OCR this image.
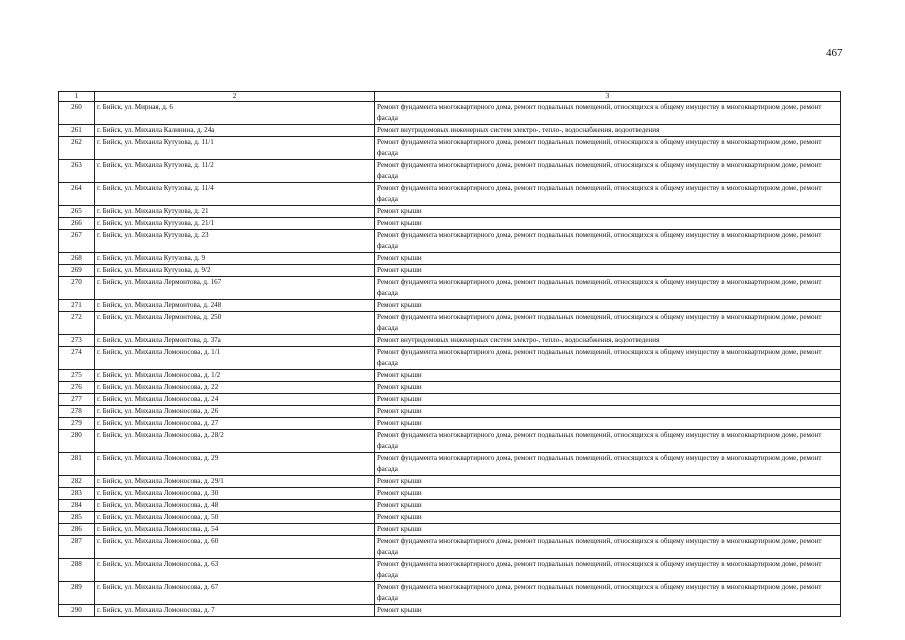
467
1	2	3
260	г. Бийск, ул. Мирная, д. 6	Ремонт фундамента многоквартирного дома, ремонт подвальных помещений, относящихся к общему имуществу в многоквартирном доме, ремонт фасада
261	г. Бийск, ул. Михаила Калинина, д. 24а	Ремонт внутридомовых инженерных систем электро-, тепло-, водоснабжения, водоотведения
262	г. Бийск, ул. Михаила Кутузова, д. 11/1	Ремонт фундамента многоквартирного дома, ремонт подвальных помещений, относящихся к общему имуществу в многоквартирном доме, ремонт фасада
263	г. Бийск, ул. Михаила Кутузова, д. 11/2	Ремонт фундамента многоквартирного дома, ремонт подвальных помещений, относящихся к общему имуществу в многоквартирном доме, ремонт фасада
264	г. Бийск, ул. Михаила Кутузова, д. 11/4	Ремонт фундамента многоквартирного дома, ремонт подвальных помещений, относящихся к общему имуществу в многоквартирном доме, ремонт фасада
265	г. Бийск, ул. Михаила Кутузова, д. 21	Ремонт крыши
266	г. Бийск, ул. Михаила Кутузова, д. 21/1	Ремонт крыши
267	г. Бийск, ул. Михаила Кутузова, д. 23	Ремонт фундамента многоквартирного дома, ремонт подвальных помещений, относящихся к общему имуществу в многоквартирном доме, ремонт фасада
268	г. Бийск, ул. Михаила Кутузова, д. 9	Ремонт крыши
269	г. Бийск, ул. Михаила Кутузова, д. 9/2	Ремонт крыши
270	г. Бийск, ул. Михаила Лермонтова, д. 167	Ремонт фундамента многоквартирного дома, ремонт подвальных помещений, относящихся к общему имуществу в многоквартирном доме, ремонт фасада
271	г. Бийск, ул. Михаила Лермонтова, д. 248	Ремонт крыши
272	г. Бийск, ул. Михаила Лермонтова, д. 250	Ремонт фундамента многоквартирного дома, ремонт подвальных помещений, относящихся к общему имуществу в многоквартирном доме, ремонт фасада
273	г. Бийск, ул. Михаила Лермонтова, д. 37а	Ремонт внутридомовых инженерных систем электро-, тепло-, водоснабжения, водоотведения
274	г. Бийск, ул. Михаила Ломоносова, д. 1/1	Ремонт фундамента многоквартирного дома, ремонт подвальных помещений, относящихся к общему имуществу в многоквартирном доме, ремонт фасада
275	г. Бийск, ул. Михаила Ломоносова, д. 1/2	Ремонт крыши
276	г. Бийск, ул. Михаила Ломоносова, д. 22	Ремонт крыши
277	г. Бийск, ул. Михаила Ломоносова, д. 24	Ремонт крыши
278	г. Бийск, ул. Михаила Ломоносова, д. 26	Ремонт крыши
279	г. Бийск, ул. Михаила Ломоносова, д. 27	Ремонт крыши
280	г. Бийск, ул. Михаила Ломоносова, д. 28/2	Ремонт фундамента многоквартирного дома, ремонт подвальных помещений, относящихся к общему имуществу в многоквартирном доме, ремонт фасада
281	г. Бийск, ул. Михаила Ломоносова, д. 29	Ремонт фундамента многоквартирного дома, ремонт подвальных помещений, относящихся к общему имуществу в многоквартирном доме, ремонт фасада
282	г. Бийск, ул. Михаила Ломоносова, д. 29/1	Ремонт крыши
283	г. Бийск, ул. Михаила Ломоносова, д. 30	Ремонт крыши
284	г. Бийск, ул. Михаила Ломоносова, д. 48	Ремонт крыши
285	г. Бийск, ул. Михаила Ломоносова, д. 50	Ремонт крыши
286	г. Бийск, ул. Михаила Ломоносова, д. 54	Ремонт крыши
287	г. Бийск, ул. Михаила Ломоносова, д. 60	Ремонт фундамента многоквартирного дома, ремонт подвальных помещений, относящихся к общему имуществу в многоквартирном доме, ремонт фасада
288	г. Бийск, ул. Михаила Ломоносова, д. 63	Ремонт фундамента многоквартирного дома, ремонт подвальных помещений, относящихся к общему имуществу в многоквартирном доме, ремонт фасада
289	г. Бийск, ул. Михаила Ломоносова, д. 67	Ремонт фундамента многоквартирного дома, ремонт подвальных помещений, относящихся к общему имуществу в многоквартирном доме, ремонт фасада
290	г. Бийск, ул. Михаила Ломоносова, д. 7	Ремонт крыши
